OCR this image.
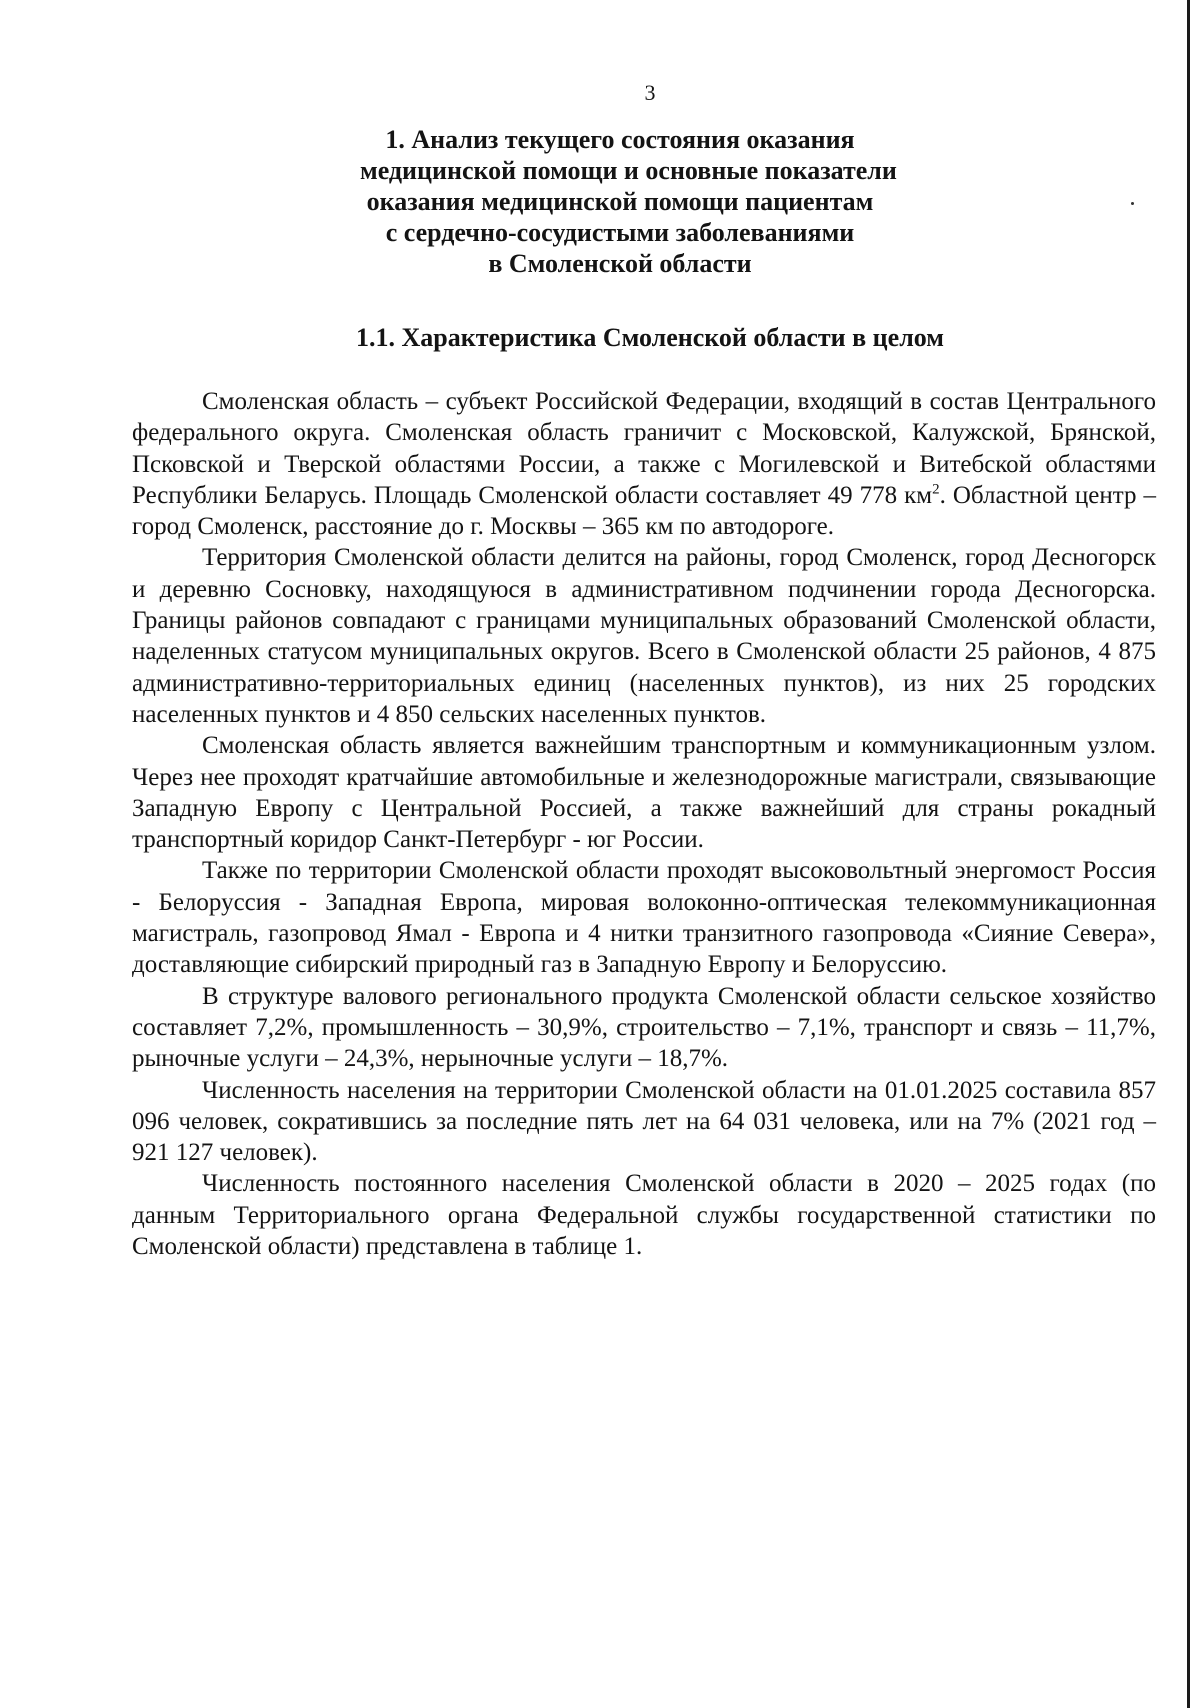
3
1. Анализ текущего состояния оказания
медицинской помощи и основные показатели
оказания медицинской помощи пациентам
с сердечно-сосудистыми заболеваниями
в Смоленской области
1.1. Характеристика Смоленской области в целом

Смоленская область – субъект Российской Федерации, входящий в состав Центрального федерального округа. Смоленская область граничит с Московской, Калужской, Брянской, Псковской и Тверской областями России, а также с Могилевской и Витебской областями Республики Беларусь. Площадь Смоленской области составляет 49 778 $км^2$. Областной центр – город Смоленск, расстояние до г. Москвы – 365 км по автодороге.

Территория Смоленской области делится на районы, город Смоленск, город Десногорск и деревню Сосновку, находящуюся в административном подчинении города Десногорска. Границы районов совпадают с границами муниципальных образований Смоленской области, наделенных статусом муниципальных округов. Всего в Смоленской области 25 районов, 4 875 административно-территориальных единиц (населенных пунктов), из них 25 городских населенных пунктов и 4 850 сельских населенных пунктов.

Смоленская область является важнейшим транспортным и коммуникационным узлом. Через нее проходят кратчайшие автомобильные и железнодорожные магистрали, связывающие Западную Европу с Центральной Россией, а также важнейший для страны рокадный транспортный коридор Санкт-Петербург - юг России.

Также по территории Смоленской области проходят высоковольтный энергомост Россия - Белоруссия - Западная Европа, мировая волоконно-оптическая телекоммуникационная магистраль, газопровод Ямал - Европа и 4 нитки транзитного газопровода «Сияние Севера», доставляющие сибирский природный газ в Западную Европу и Белоруссию.

В структуре валового регионального продукта Смоленской области сельское хозяйство составляет 7,2%, промышленность – 30,9%, строительство – 7,1%, транспорт и связь – 11,7%, рыночные услуги – 24,3%, нерыночные услуги – 18,7%.

Численность населения на территории Смоленской области на 01.01.2025 составила 857 096 человек, сократившись за последние пять лет на 64 031 человека, или на 7% (2021 год – 921 127 человек).

Численность постоянного населения Смоленской области в 2020 – 2025 годах (по данным Территориального органа Федеральной службы государственной статистики по Смоленской области) представлена в таблице 1.
